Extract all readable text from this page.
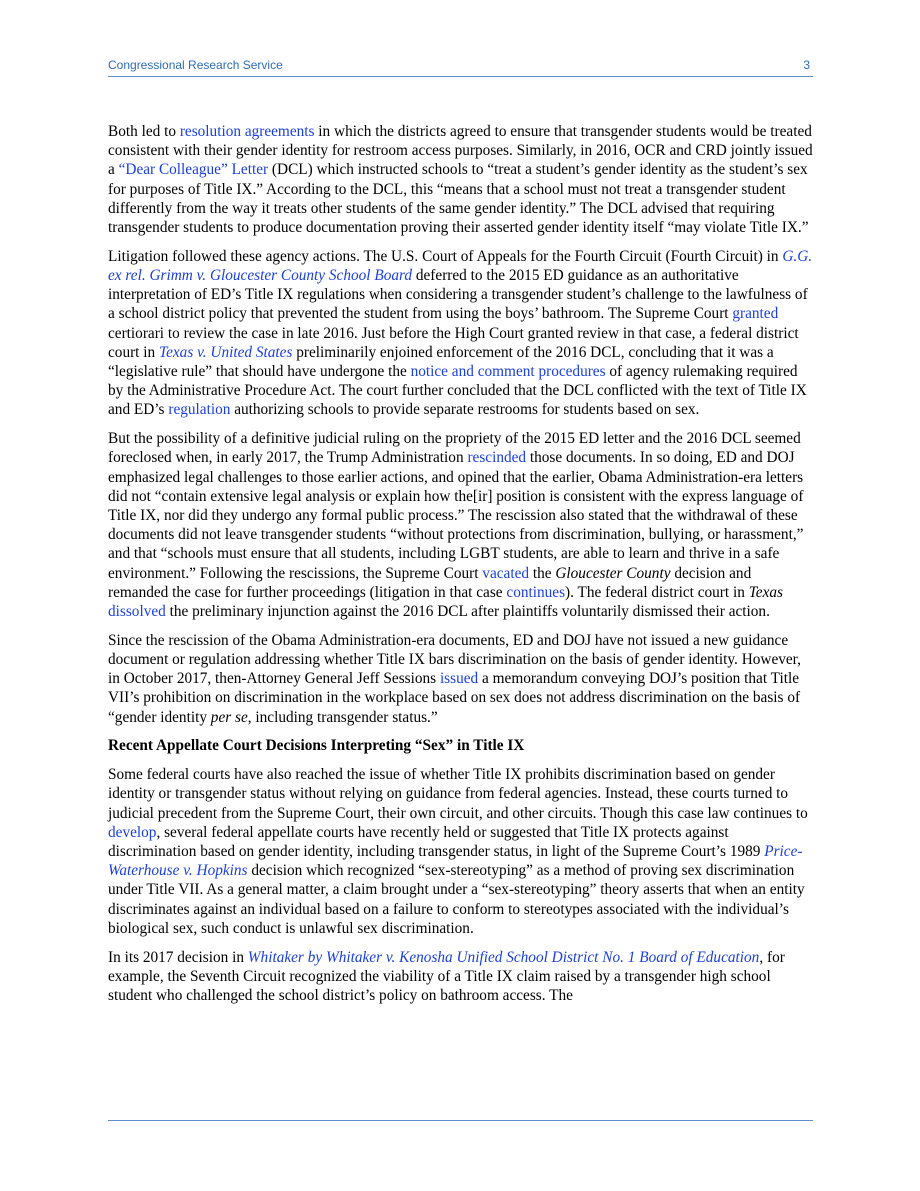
Congressional Research Service	3

Both led to resolution agreements in which the districts agreed to ensure that transgender students would be treated consistent with their gender identity for restroom access purposes. Similarly, in 2016, OCR and CRD jointly issued a “Dear Colleague” Letter (DCL) which instructed schools to “treat a student’s gender identity as the student’s sex for purposes of Title IX.” According to the DCL, this “means that a school must not treat a transgender student differently from the way it treats other students of the same gender identity.” The DCL advised that requiring transgender students to produce documentation proving their asserted gender identity itself “may violate Title IX.”

Litigation followed these agency actions. The U.S. Court of Appeals for the Fourth Circuit (Fourth Circuit) in G.G. ex rel. Grimm v. Gloucester County School Board deferred to the 2015 ED guidance as an authoritative interpretation of ED’s Title IX regulations when considering a transgender student’s challenge to the lawfulness of a school district policy that prevented the student from using the boys’ bathroom. The Supreme Court granted certiorari to review the case in late 2016. Just before the High Court granted review in that case, a federal district court in Texas v. United States preliminarily enjoined enforcement of the 2016 DCL, concluding that it was a “legislative rule” that should have undergone the notice and comment procedures of agency rulemaking required by the Administrative Procedure Act. The court further concluded that the DCL conflicted with the text of Title IX and ED’s regulation authorizing schools to provide separate restrooms for students based on sex.

But the possibility of a definitive judicial ruling on the propriety of the 2015 ED letter and the 2016 DCL seemed foreclosed when, in early 2017, the Trump Administration rescinded those documents. In so doing, ED and DOJ emphasized legal challenges to those earlier actions, and opined that the earlier, Obama Administration-era letters did not “contain extensive legal analysis or explain how the[ir] position is consistent with the express language of Title IX, nor did they undergo any formal public process.” The rescission also stated that the withdrawal of these documents did not leave transgender students “without protections from discrimination, bullying, or harassment,” and that “schools must ensure that all students, including LGBT students, are able to learn and thrive in a safe environment.” Following the rescissions, the Supreme Court vacated the Gloucester County decision and remanded the case for further proceedings (litigation in that case continues). The federal district court in Texas dissolved the preliminary injunction against the 2016 DCL after plaintiffs voluntarily dismissed their action.

Since the rescission of the Obama Administration-era documents, ED and DOJ have not issued a new guidance document or regulation addressing whether Title IX bars discrimination on the basis of gender identity. However, in October 2017, then-Attorney General Jeff Sessions issued a memorandum conveying DOJ’s position that Title VII’s prohibition on discrimination in the workplace based on sex does not address discrimination on the basis of “gender identity per se, including transgender status.”

Recent Appellate Court Decisions Interpreting “Sex” in Title IX

Some federal courts have also reached the issue of whether Title IX prohibits discrimination based on gender identity or transgender status without relying on guidance from federal agencies. Instead, these courts turned to judicial precedent from the Supreme Court, their own circuit, and other circuits. Though this case law continues to develop, several federal appellate courts have recently held or suggested that Title IX protects against discrimination based on gender identity, including transgender status, in light of the Supreme Court’s 1989 Price-Waterhouse v. Hopkins decision which recognized “sex-stereotyping” as a method of proving sex discrimination under Title VII. As a general matter, a claim brought under a “sex-stereotyping” theory asserts that when an entity discriminates against an individual based on a failure to conform to stereotypes associated with the individual’s biological sex, such conduct is unlawful sex discrimination.

In its 2017 decision in Whitaker by Whitaker v. Kenosha Unified School District No. 1 Board of Education, for example, the Seventh Circuit recognized the viability of a Title IX claim raised by a transgender high school student who challenged the school district’s policy on bathroom access. The
